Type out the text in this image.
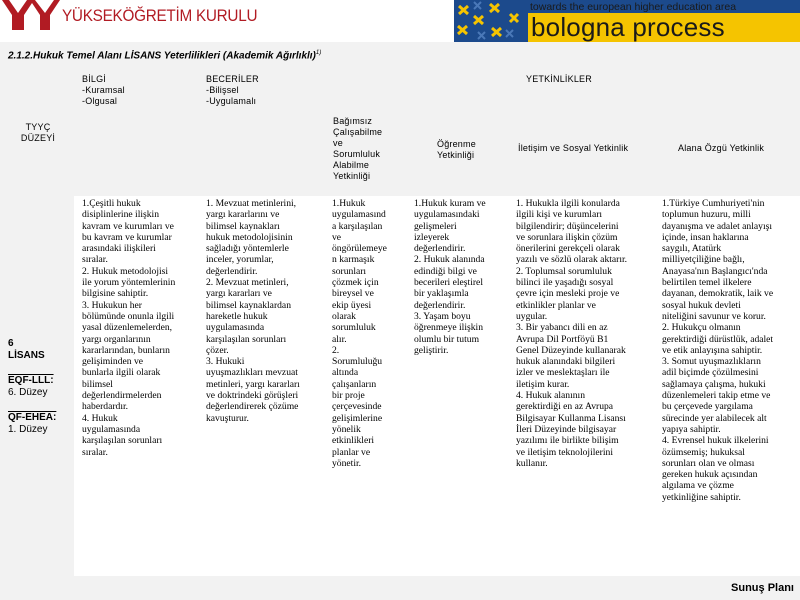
YÜKSEKÖĞRETİM KURULU	towards the european higher education area
bologna process
2.1.2.Hukuk Temel Alanı LİSANS Yeterlilikleri (Akademik Ağırlıklı)$^{1)}$
TYYÇ
DÜZEYİ
BİLGİ
-Kuramsal
-Olgusal
BECERİLER
-Bilişsel
-Uygulamalı
YETKİNLİKLER
Bağımsız
Çalışabilme
ve
Sorumluluk
Alabilme
Yetkinliği
Öğrenme
Yetkinliği
İletişim ve Sosyal Yetkinlik	Alana Özgü Yetkinlik
6
LİSANS
EQF-LLL:
6. Düzey
QF-EHEA:
1. Düzey
1.Çeşitli hukuk
disiplinlerine ilişkin
kavram ve kurumları ve
bu kavram ve kurumlar
arasındaki ilişkileri
sıralar.
2. Hukuk metodolojisi
ile yorum yöntemlerinin
bilgisine sahiptir.
3. Hukukun her
bölümünde onunla ilgili
yasal düzenlemelerden,
yargı organlarının
kararlarından, bunların
gelişiminden ve
bunlarla ilgili olarak
bilimsel
değerlendirmelerden
haberdardır.
4. Hukuk
uygulamasında
karşılaşılan sorunları
sıralar.
1. Mevzuat metinlerini,
yargı kararlarını ve
bilimsel kaynakları
hukuk metodolojisinin
sağladığı yöntemlerle
inceler, yorumlar,
değerlendirir.
2. Mevzuat metinleri,
yargı kararları ve
bilimsel kaynaklardan
hareketle hukuk
uygulamasında
karşılaşılan sorunları
çözer.
3. Hukuki
uyuşmazlıkları mevzuat
metinleri, yargı kararları
ve doktrindeki görüşleri
değerlendirerek çözüme
kavuşturur.
1.Hukuk
uygulamasınd
a karşılaşılan
ve
öngörülemeye
n karmaşık
sorunları
çözmek için
bireysel ve
ekip üyesi
olarak
sorumluluk
alır.
2.
Sorumluluğu
altında
çalışanların
bir proje
çerçevesinde
gelişimlerine
yönelik
etkinlikleri
planlar ve
yönetir.
1.Hukuk kuram ve
uygulamasındaki
gelişmeleri
izleyerek
değerlendirir.
2. Hukuk alanında
edindiği bilgi ve
becerileri eleştirel
bir yaklaşımla
değerlendirir.
3. Yaşam boyu
öğrenmeye ilişkin
olumlu bir tutum
geliştirir.
1. Hukukla ilgili konularda
ilgili kişi ve kurumları
bilgilendirir; düşüncelerini
ve sorunlara ilişkin çözüm
önerilerini gerekçeli olarak
yazılı ve sözlü olarak aktarır.
2. Toplumsal sorumluluk
bilinci ile yaşadığı sosyal
çevre için mesleki proje ve
etkinlikler planlar ve
uygular.
3. Bir yabancı dili en az
Avrupa Dil Portföyü B1
Genel Düzeyinde kullanarak
hukuk alanındaki bilgileri
izler ve meslektaşları ile
iletişim kurar.
4. Hukuk alanının
gerektirdiği en az Avrupa
Bilgisayar Kullanma Lisansı
İleri Düzeyinde bilgisayar
yazılımı ile birlikte bilişim
ve iletişim teknolojilerini
kullanır.
1.Türkiye Cumhuriyeti'nin
toplumun huzuru, milli
dayanışma ve adalet anlayışı
içinde, insan haklarına
saygılı, Atatürk
milliyetçiliğine bağlı,
Anayasa'nın Başlangıcı'nda
belirtilen temel ilkelere
dayanan, demokratik, laik ve
sosyal hukuk devleti
niteliğini savunur ve korur.
2. Hukukçu olmanın
gerektirdiği dürüstlük, adalet
ve etik anlayışına sahiptir.
3. Somut uyuşmazlıkların
adil biçimde çözülmesini
sağlamaya çalışma, hukuki
düzenlemeleri takip etme ve
bu çerçevede yargılama
sürecinde yer alabilecek alt
yapıya sahiptir.
4. Evrensel hukuk ilkelerini
özümsemiş; hukuksal
sorunları olan ve olması
gereken hukuk açısından
algılama ve çözme
yetkinliğine sahiptir.
Sunuş Planı
